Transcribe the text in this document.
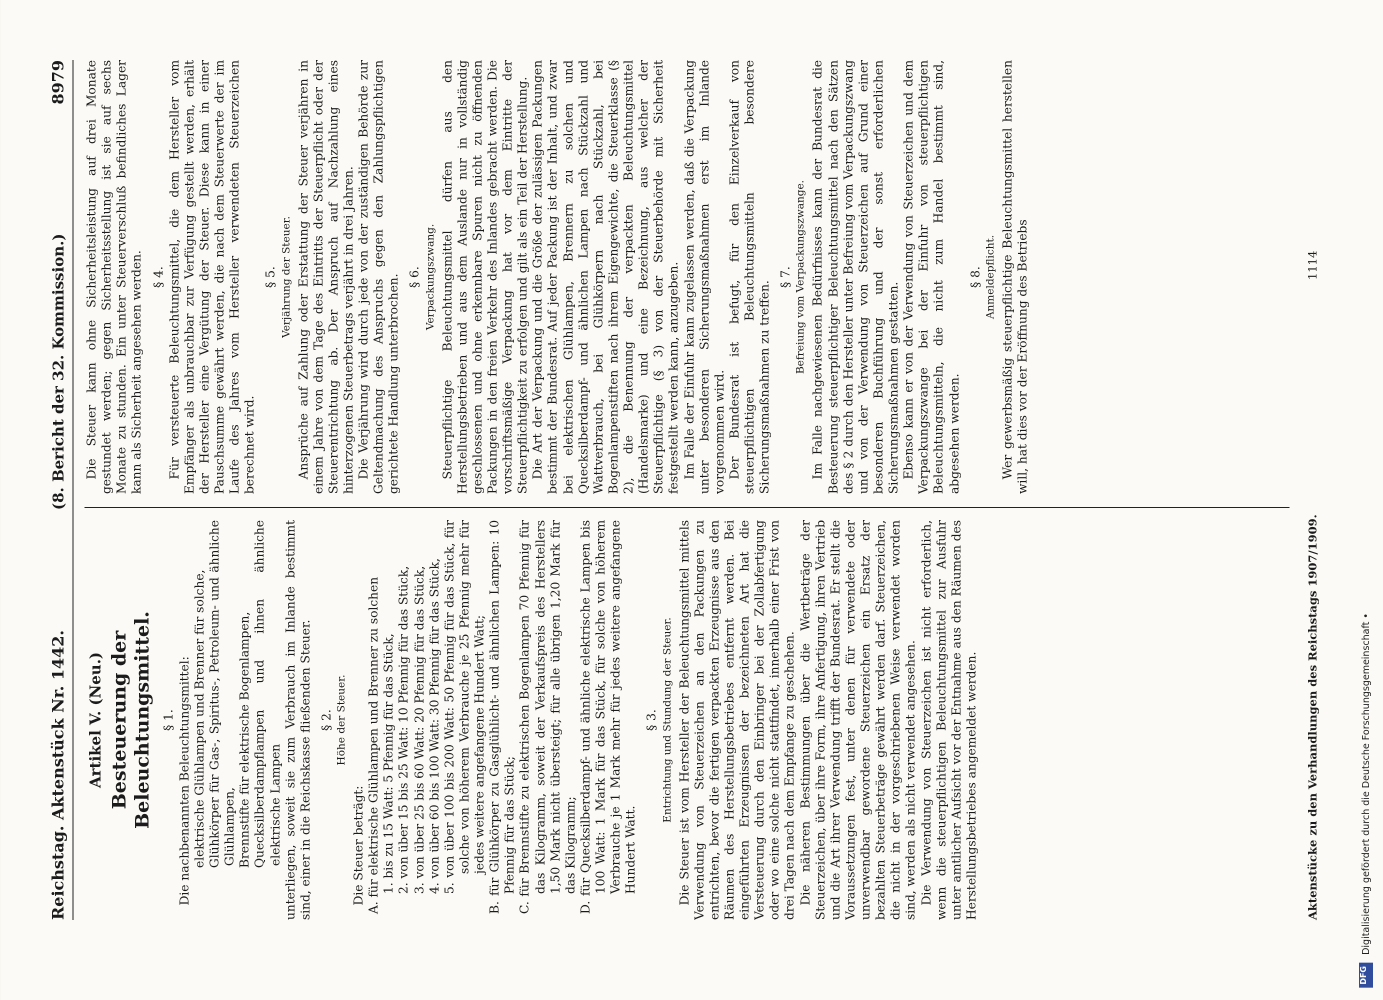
Reichstag. Aktenstück Nr. 1442.
(8. Bericht der 32. Kommission.)
8979
Artikel V. (Neu.) Besteuerung der Beleuchtungsmittel. § 1. Die nachbenannten Beleuchtungsmittel: elektrische Glühlampen und Brenner für solche, Glühkörper für Gas-, Spiritus-, Petroleum- und ähnliche Glühlampen, Brennstifte für elektrische Bogenlampen, Quecksilberdampflampen und ihnen ähnliche elektrische Lampen unterliegen, soweit sie zum Verbrauch im Inlande bestimmt sind, einer in die Reichskasse fließenden Steuer. § 2. Höhe der Steuer.

Die Steuer beträgt: A. für elektrische Glühlampen und Brenner zu solchen 1. bis zu 15 Watt: 5 Pfennig für das Stück, 2. von über 15 bis 25 Watt: 10 Pfennig für das Stück, 3. von über 25 bis 60 Watt: 20 Pfennig für das Stück, 4. von über 60 bis 100 Watt: 30 Pfennig für das Stück, 5. von über 100 bis 200 Watt: 50 Pfennig für das Stück, für solche von höherem Verbrauche je 25 Pfennig mehr für jedes weitere angefangene Hundert Watt; B. für Glühkörper zu Gasglühlicht- und ähnlichen Lampen: 10 Pfennig für das Stück; C. für Brennstifte zu elektrischen Bogenlampen 70 Pfennig für das Kilogramm, soweit der Verkaufspreis des Herstellers 1,50 Mark nicht übersteigt; für alle übrigen 1,20 Mark für das Kilogramm; D. für Quecksilberdampf- und ähnliche elektrische Lampen bis 100 Watt: 1 Mark für das Stück, für solche von höherem Verbrauche je 1 Mark mehr für jedes weitere angefangene Hundert Watt.

§ 3. Entrichtung und Stundung der Steuer. Die Steuer ist vom Hersteller der Beleuchtungsmittel mittels Verwendung von Steuerzeichen an den Packungen zu entrichten, bevor die fertigen verpackten Erzeugnisse aus den Räumen des Herstellungsbetriebes entfernt werden. Bei eingeführten Erzeugnissen der bezeichneten Art hat die Versteuerung durch den Einbringer bei der Zollabfertigung oder wo eine solche nicht stattfindet, innerhalb einer Frist von drei Tagen nach dem Empfange zu geschehen. Die näheren Bestimmungen über die Wertbeträge der Steuerzeichen, über ihre Form, ihre Anfertigung, ihren Vertrieb und die Art ihrer Verwendung trifft der Bundesrat. Er stellt die Voraussetzungen fest, unter denen für verwendete oder unverwendbar gewordene Steuerzeichen ein Ersatz der bezahlten Steuerbeträge gewährt werden darf. Steuerzeichen, die nicht in der vorgeschriebenen Weise verwendet worden sind, werden als nicht verwendet angesehen. Die Verwendung von Steuerzeichen ist nicht erforderlich, wenn die steuerpflichtigen Beleuchtungsmittel zur Ausfuhr unter amtlicher Aufsicht vor der Entnahme aus den Räumen des Herstellungsbetriebes angemeldet werden.

Die Steuer kann ohne Sicherheitsleistung auf drei Monate gestundet werden; gegen Sicherheitsstellung ist sie auf sechs Monate zu stunden. Ein unter Steuerverschluß befindliches Lager kann als Sicherheit angesehen werden. § 4. Für versteuerte Beleuchtungsmittel, die dem Hersteller vom Empfänger als unbrauchbar zur Verfügung gestellt werden, erhält der Hersteller eine Vergütung der Steuer. Diese kann in einer Pauschsumme gewährt werden, die nach dem Steuerwerte der im Laufe des Jahres vom Hersteller verwendeten Steuerzeichen berechnet wird.

§ 5. Verjährung der Steuer. Ansprüche auf Zahlung oder Erstattung der Steuer verjähren in einem Jahre von dem Tage des Eintritts der Steuerpflicht oder der Steuerentrichtung ab. Der Anspruch auf Nachzahlung eines hinterzogenen Steuerbetrags verjährt in drei Jahren. Die Verjährung wird durch jede von der zuständigen Behörde zur Geltendmachung des Anspruchs gegen den Zahlungspflichtigen gerichtete Handlung unterbrochen. § 6. Verpackungszwang. Steuerpflichtige Beleuchtungsmittel dürfen aus den Herstellungsbetrieben und aus dem Auslande nur in vollständig geschlossenen und ohne erkennbare Spuren nicht zu öffnenden Packungen in den freien Verkehr des Inlandes gebracht werden. Die vorschriftsmäßige Verpackung hat vor dem Eintritte der Steuerpflichtigkeit zu erfolgen und gilt als ein Teil der Herstellung. Die Art der Verpackung und die Größe der zulässigen Packungen bestimmt der Bundesrat. Auf jeder Packung ist der Inhalt, und zwar bei elektrischen Glühlampen, Brennern zu solchen und Quecksilberdampf- und ähnlichen Lampen nach Stückzahl und Wattverbrauch, bei Glühkörpern nach Stückzahl, bei Bogenlampenstiften nach ihrem Eigengewichte, die Steuerklasse (§ 2), die Benennung der verpackten Beleuchtungsmittel (Handelsmarke) und eine Bezeichnung, aus welcher der Steuerpflichtige (§ 3) von der Steuerbehörde mit Sicherheit festgestellt werden kann, anzugeben. Im Falle der Einfuhr kann zugelassen werden, daß die Verpackung unter besonderen Sicherungsmaßnahmen erst im Inlande vorgenommen wird. Der Bundesrat ist befugt, für den Einzelverkauf von steuerpflichtigen Beleuchtungsmitteln besondere Sicherungsmaßnahmen zu treffen.

§ 7. Befreiung vom Verpackungszwange. Im Falle nachgewiesenen Bedürfnisses kann der Bundesrat die Besteuerung steuerpflichtiger Beleuchtungsmittel nach den Sätzen des § 2 durch den Hersteller unter Befreiung vom Verpackungszwang und von der Verwendung von Steuerzeichen auf Grund einer besonderen Buchführung und der sonst erforderlichen Sicherungsmaßnahmen gestatten. Ebenso kann er von der Verwendung von Steuerzeichen und dem Verpackungszwange bei der Einfuhr von steuerpflichtigen Beleuchtungsmitteln, die nicht zum Handel bestimmt sind, abgesehen werden.

§ 8. Anmeldepflicht. Wer gewerbsmäßig steuerpflichtige Beleuchtungsmittel herstellen will, hat dies vor der Eröffnung des Betriebs

Aktenstücke zu den Verhandlungen des Reichstags 1907/1909.
1114
Digitalisierung gefördert durch die Deutsche Forschungsgemeinschaft •
DFG
